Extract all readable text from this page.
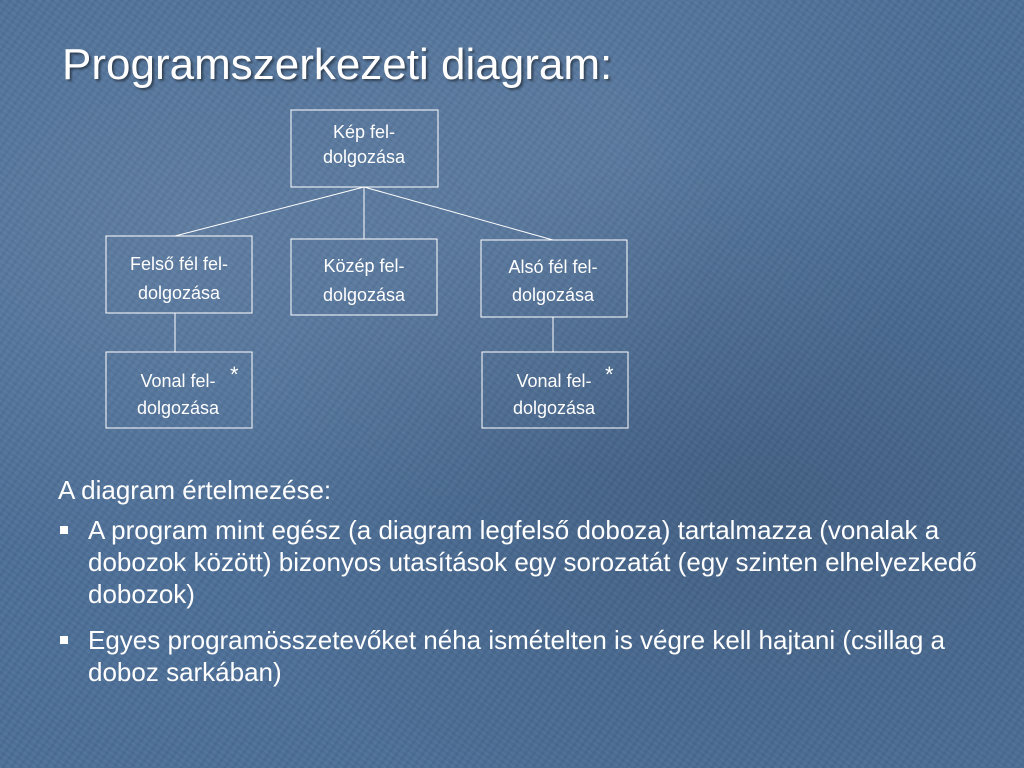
Programszerkezeti diagram:
Kép fel-
dolgozása
Felső fél fel-
dolgozása
Közép fel-
dolgozása
Alsó fél fel-
dolgozása
Vonal fel-
dolgozása
*	Vonal fel-
dolgozása
*

A diagram értelmezése:

A program mint egész (a diagram legfelső doboza) tartalmazza (vonalak a dobozok között) bizonyos utasítások egy sorozatát (egy szinten elhelyezkedő dobozok)
Egyes programösszetevőket néha ismételten is végre kell hajtani (csillag a doboz sarkában)
